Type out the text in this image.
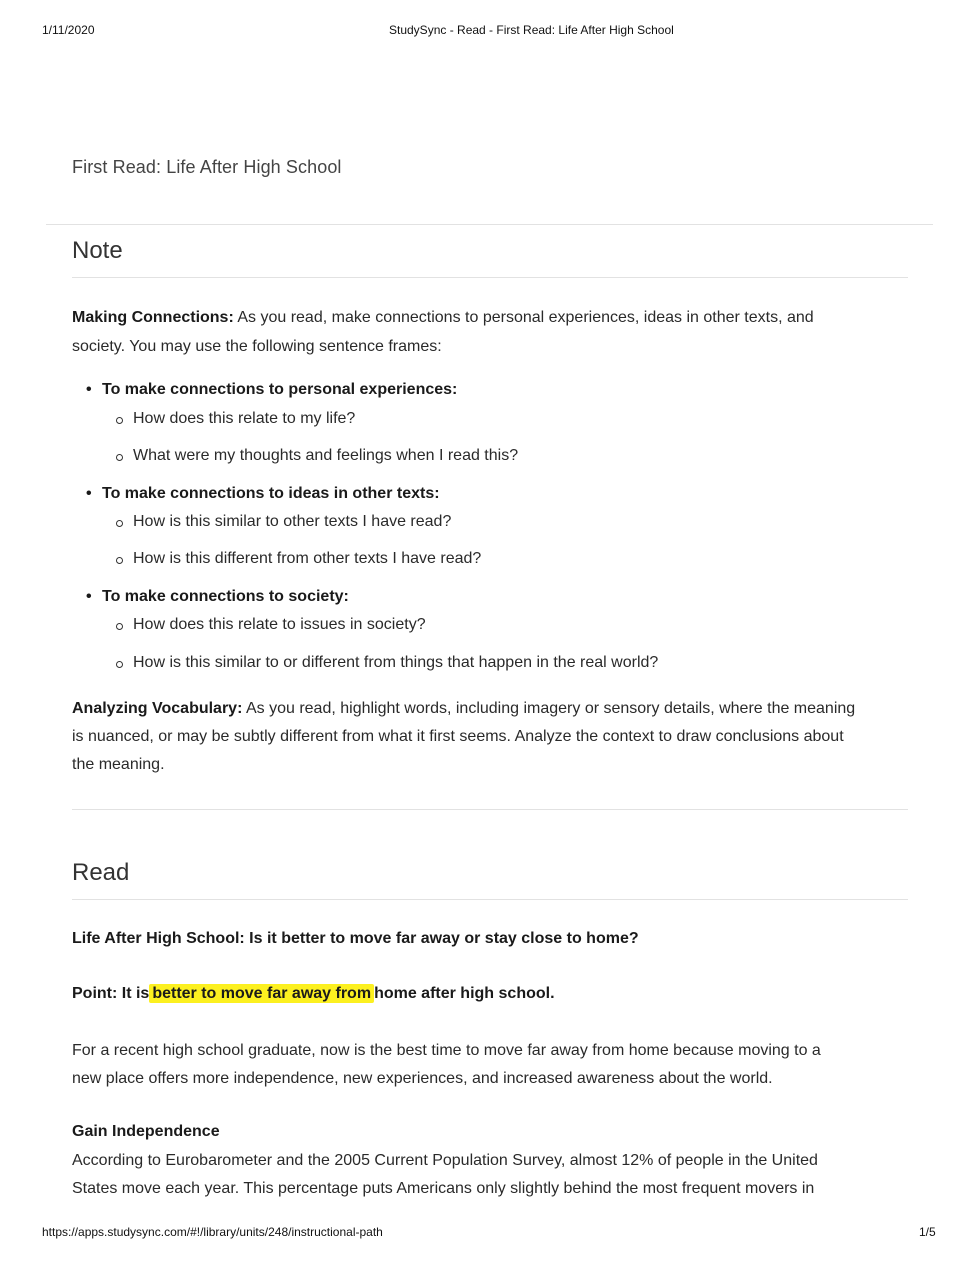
1/11/2020	StudySync - Read - First Read: Life After High School
First Read: Life After High School
Note
Making Connections: As you read, make connections to personal experiences, ideas in other texts, and
society. You may use the following sentence frames:
• To make connections to personal experiences:
How does this relate to my life?
What were my thoughts and feelings when I read this?
• To make connections to ideas in other texts:
How is this similar to other texts I have read?
How is this different from other texts I have read?
• To make connections to society:
How does this relate to issues in society?
How is this similar to or different from things that happen in the real world?
Analyzing Vocabulary: As you read, highlight words, including imagery or sensory details, where the meaning
is nuanced, or may be subtly different from what it first seems. Analyze the context to draw conclusions about
the meaning.
Read
Life After High School: Is it better to move far away or stay close to home?
Point: It is better to move far away from home after high school.
For a recent high school graduate, now is the best time to move far away from home because moving to a
new place offers more independence, new experiences, and increased awareness about the world.
Gain Independence
According to Eurobarometer and the 2005 Current Population Survey, almost 12% of people in the United
States move each year. This percentage puts Americans only slightly behind the most frequent movers in
https://apps.studysync.com/#!/library/units/248/instructional-path	1/5
